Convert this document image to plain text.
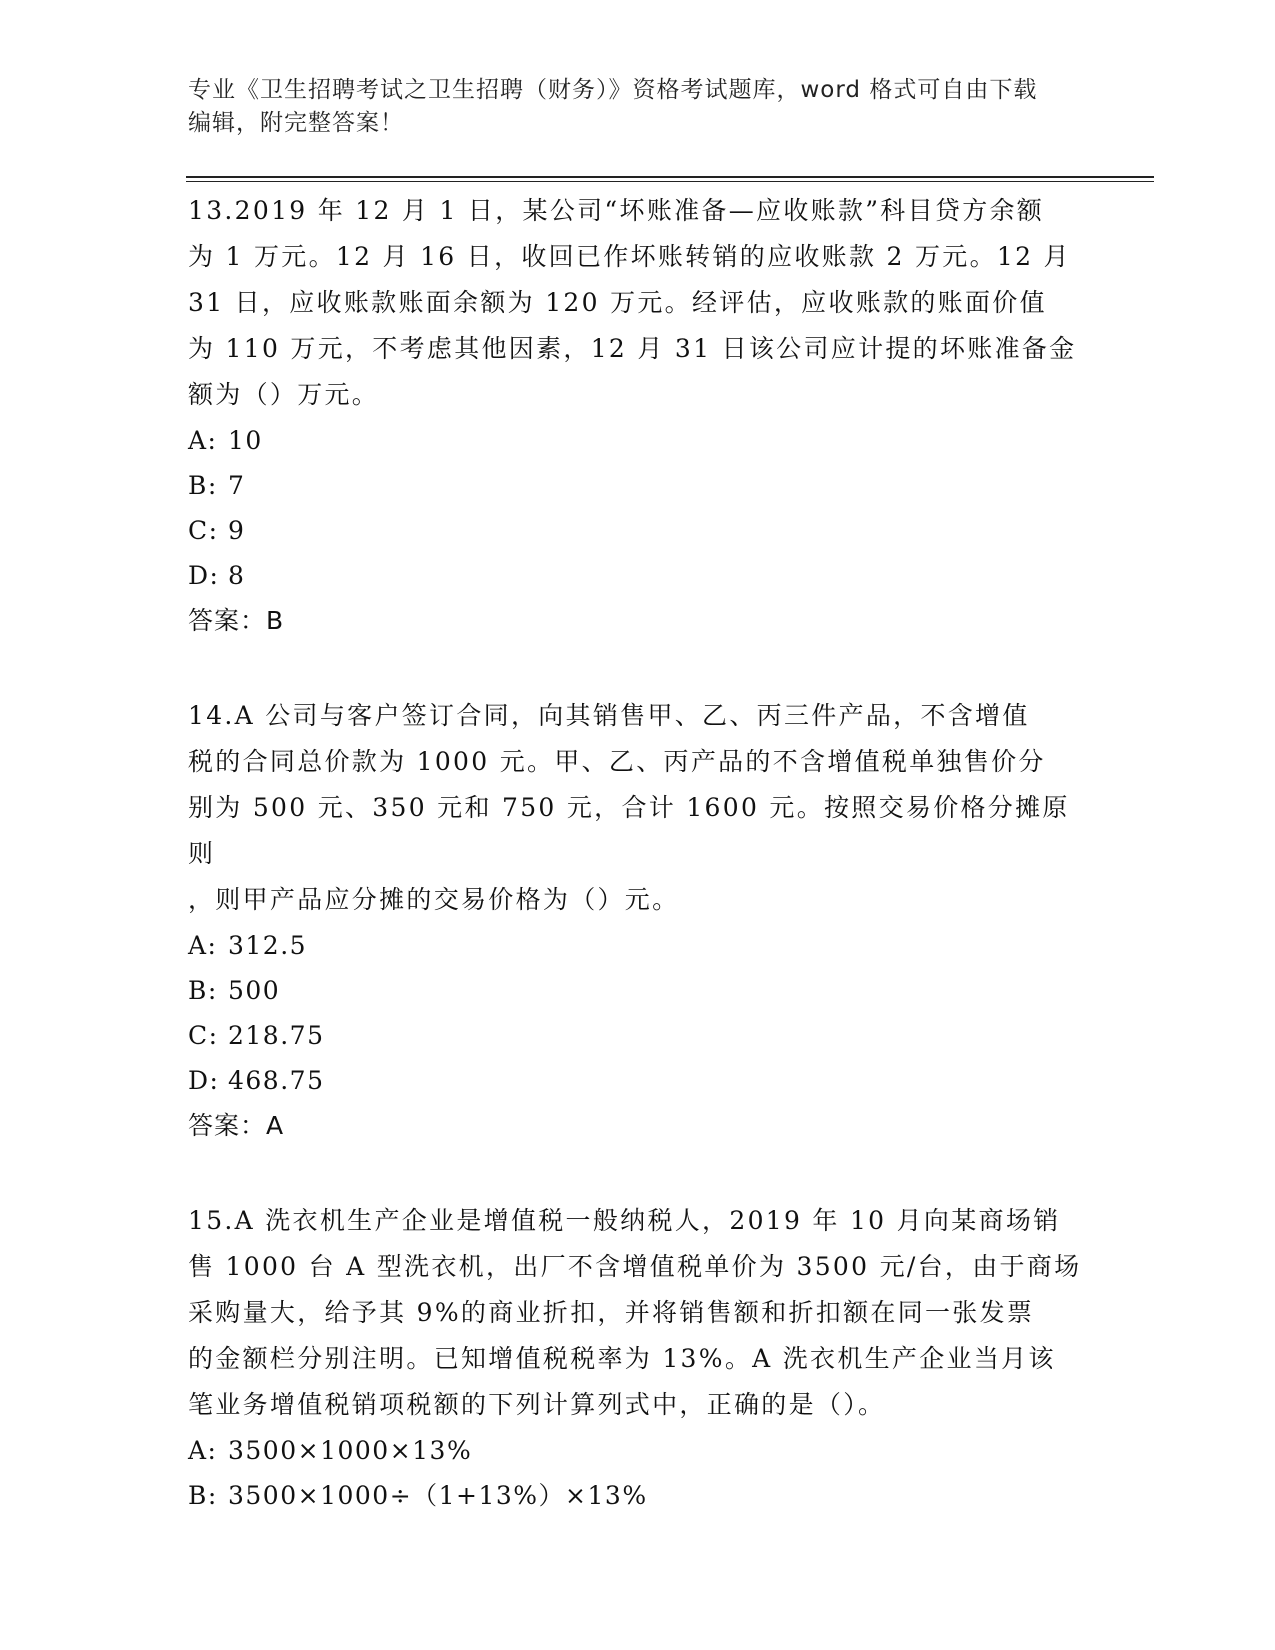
专业《卫生招聘考试之卫生招聘（财务）》资格考试题库，word 格式可自由下载
编辑，附完整答案！

13.2019 年 12 月 1 日，某公司“坏账准备—应收账款”科目贷方余额

为 1 万元。12 月 16 日，收回已作坏账转销的应收账款 2 万元。12 月

31 日，应收账款账面余额为 120 万元。经评估，应收账款的账面价值

为 110 万元，不考虑其他因素，12 月 31 日该公司应计提的坏账准备金

额为（）万元。

A: 10

B: 7

C: 9

D: 8

答案：B

14.A 公司与客户签订合同，向其销售甲、乙、丙三件产品，不含增值

税的合同总价款为 1000 元。甲、乙、丙产品的不含增值税单独售价分

别为 500 元、350 元和 750 元，合计 1600 元。按照交易价格分摊原则

，则甲产品应分摊的交易价格为（）元。

A: 312.5

B: 500

C: 218.75

D: 468.75

答案：A

15.A 洗衣机生产企业是增值税一般纳税人，2019 年 10 月向某商场销

售 1000 台 A 型洗衣机，出厂不含增值税单价为 3500 元/台，由于商场

采购量大，给予其 9%的商业折扣，并将销售额和折扣额在同一张发票

的金额栏分别注明。已知增值税税率为 13%。A 洗衣机生产企业当月该

笔业务增值税销项税额的下列计算列式中，正确的是（）。

A: 3500×1000×13%

B: 3500×1000÷（1+13%）×13%
